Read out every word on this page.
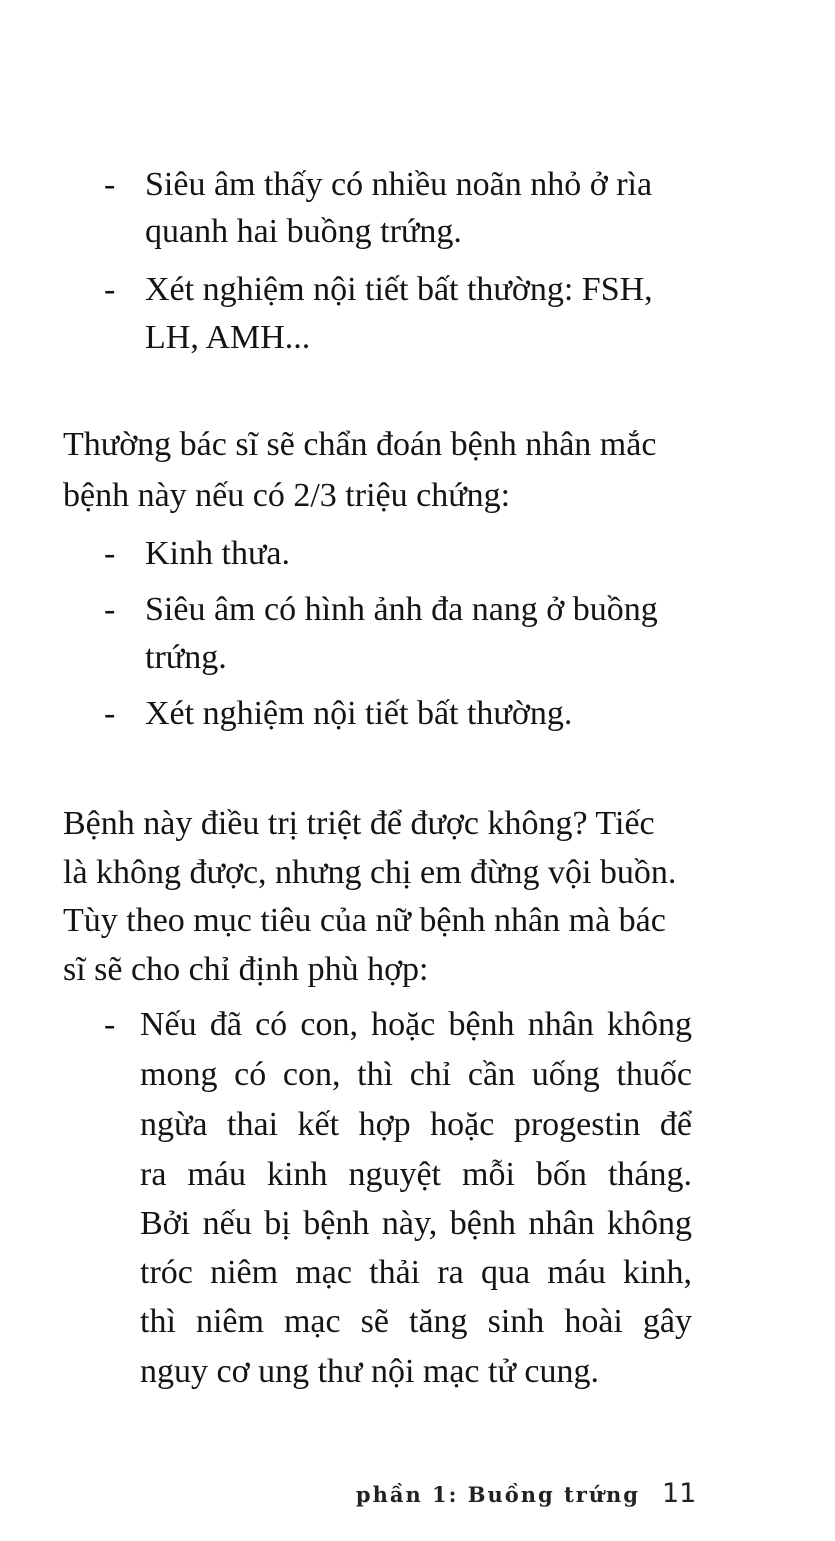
- Siêu âm thấy có nhiều noãn nhỏ ở rìa
quanh hai buồng trứng.
- Xét nghiệm nội tiết bất thường: FSH,
LH, AMH...
Thường bác sĩ sẽ chẩn đoán bệnh nhân mắc
bệnh này nếu có 2/3 triệu chứng:
- Kinh thưa.
- Siêu âm có hình ảnh đa nang ở buồng
trứng.
- Xét nghiệm nội tiết bất thường.
Bệnh này điều trị triệt để được không? Tiếc
là không được, nhưng chị em đừng vội buồn.
Tùy theo mục tiêu của nữ bệnh nhân mà bác
sĩ sẽ cho chỉ định phù hợp:
- Nếu đã có con, hoặc bệnh nhân không
mong có con, thì chỉ cần uống thuốc
ngừa thai kết hợp hoặc progestin để
ra máu kinh nguyệt mỗi bốn tháng.
Bởi nếu bị bệnh này, bệnh nhân không
tróc niêm mạc thải ra qua máu kinh,
thì niêm mạc sẽ tăng sinh hoài gây
nguy cơ ung thư nội mạc tử cung.
phần 1: Buồng trứng 11
